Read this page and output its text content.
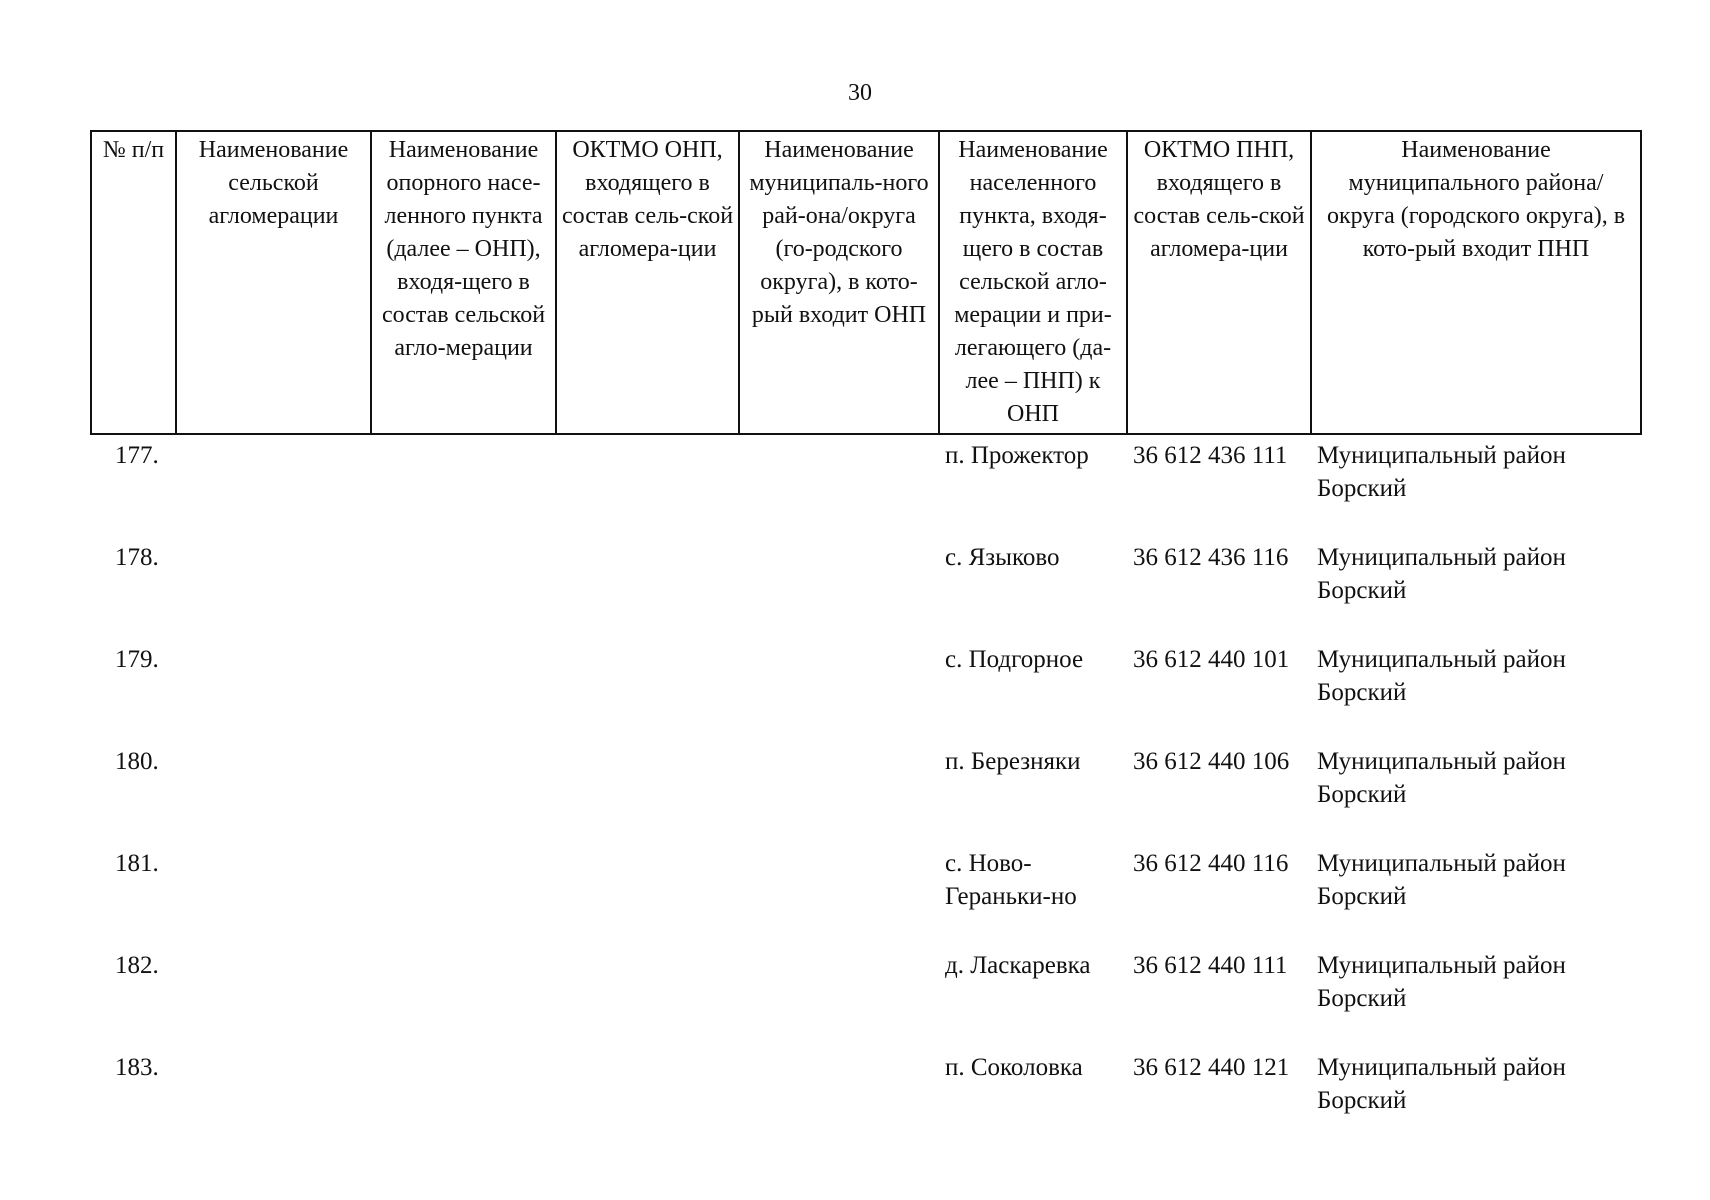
30
№ п/п	Наименование сельской агломерации	Наименование опорного насе-ленного пункта (далее – ОНП), входя-щего в состав сельской агло-мерации	ОКТМО ОНП, входящего в состав сель-ской агломера-ции	Наименование муниципаль-ного рай-она/округа (го-родского округа), в кото-рый входит ОНП	Наименование населенного пункта, входя-щего в состав сельской агло-мерации и при-легающего (да-лее – ПНП) к ОНП	ОКТМО ПНП, входящего в состав сель-ской агломера-ции	Наименование муниципального района/округа (городского округа), в кото-рый входит ПНП
177.					п. Прожектор	36 612 436 111	Муниципальный район Борский
178.					с. Языково	36 612 436 116	Муниципальный район Борский
179.					с. Подгорное	36 612 440 101	Муниципальный район Борский
180.					п. Березняки	36 612 440 106	Муниципальный район Борский
181.					с. Ново-Гераньки-но	36 612 440 116	Муниципальный район Борский
182.					д. Ласкаревка	36 612 440 111	Муниципальный район Борский
183.					п. Соколовка	36 612 440 121	Муниципальный район Борский
